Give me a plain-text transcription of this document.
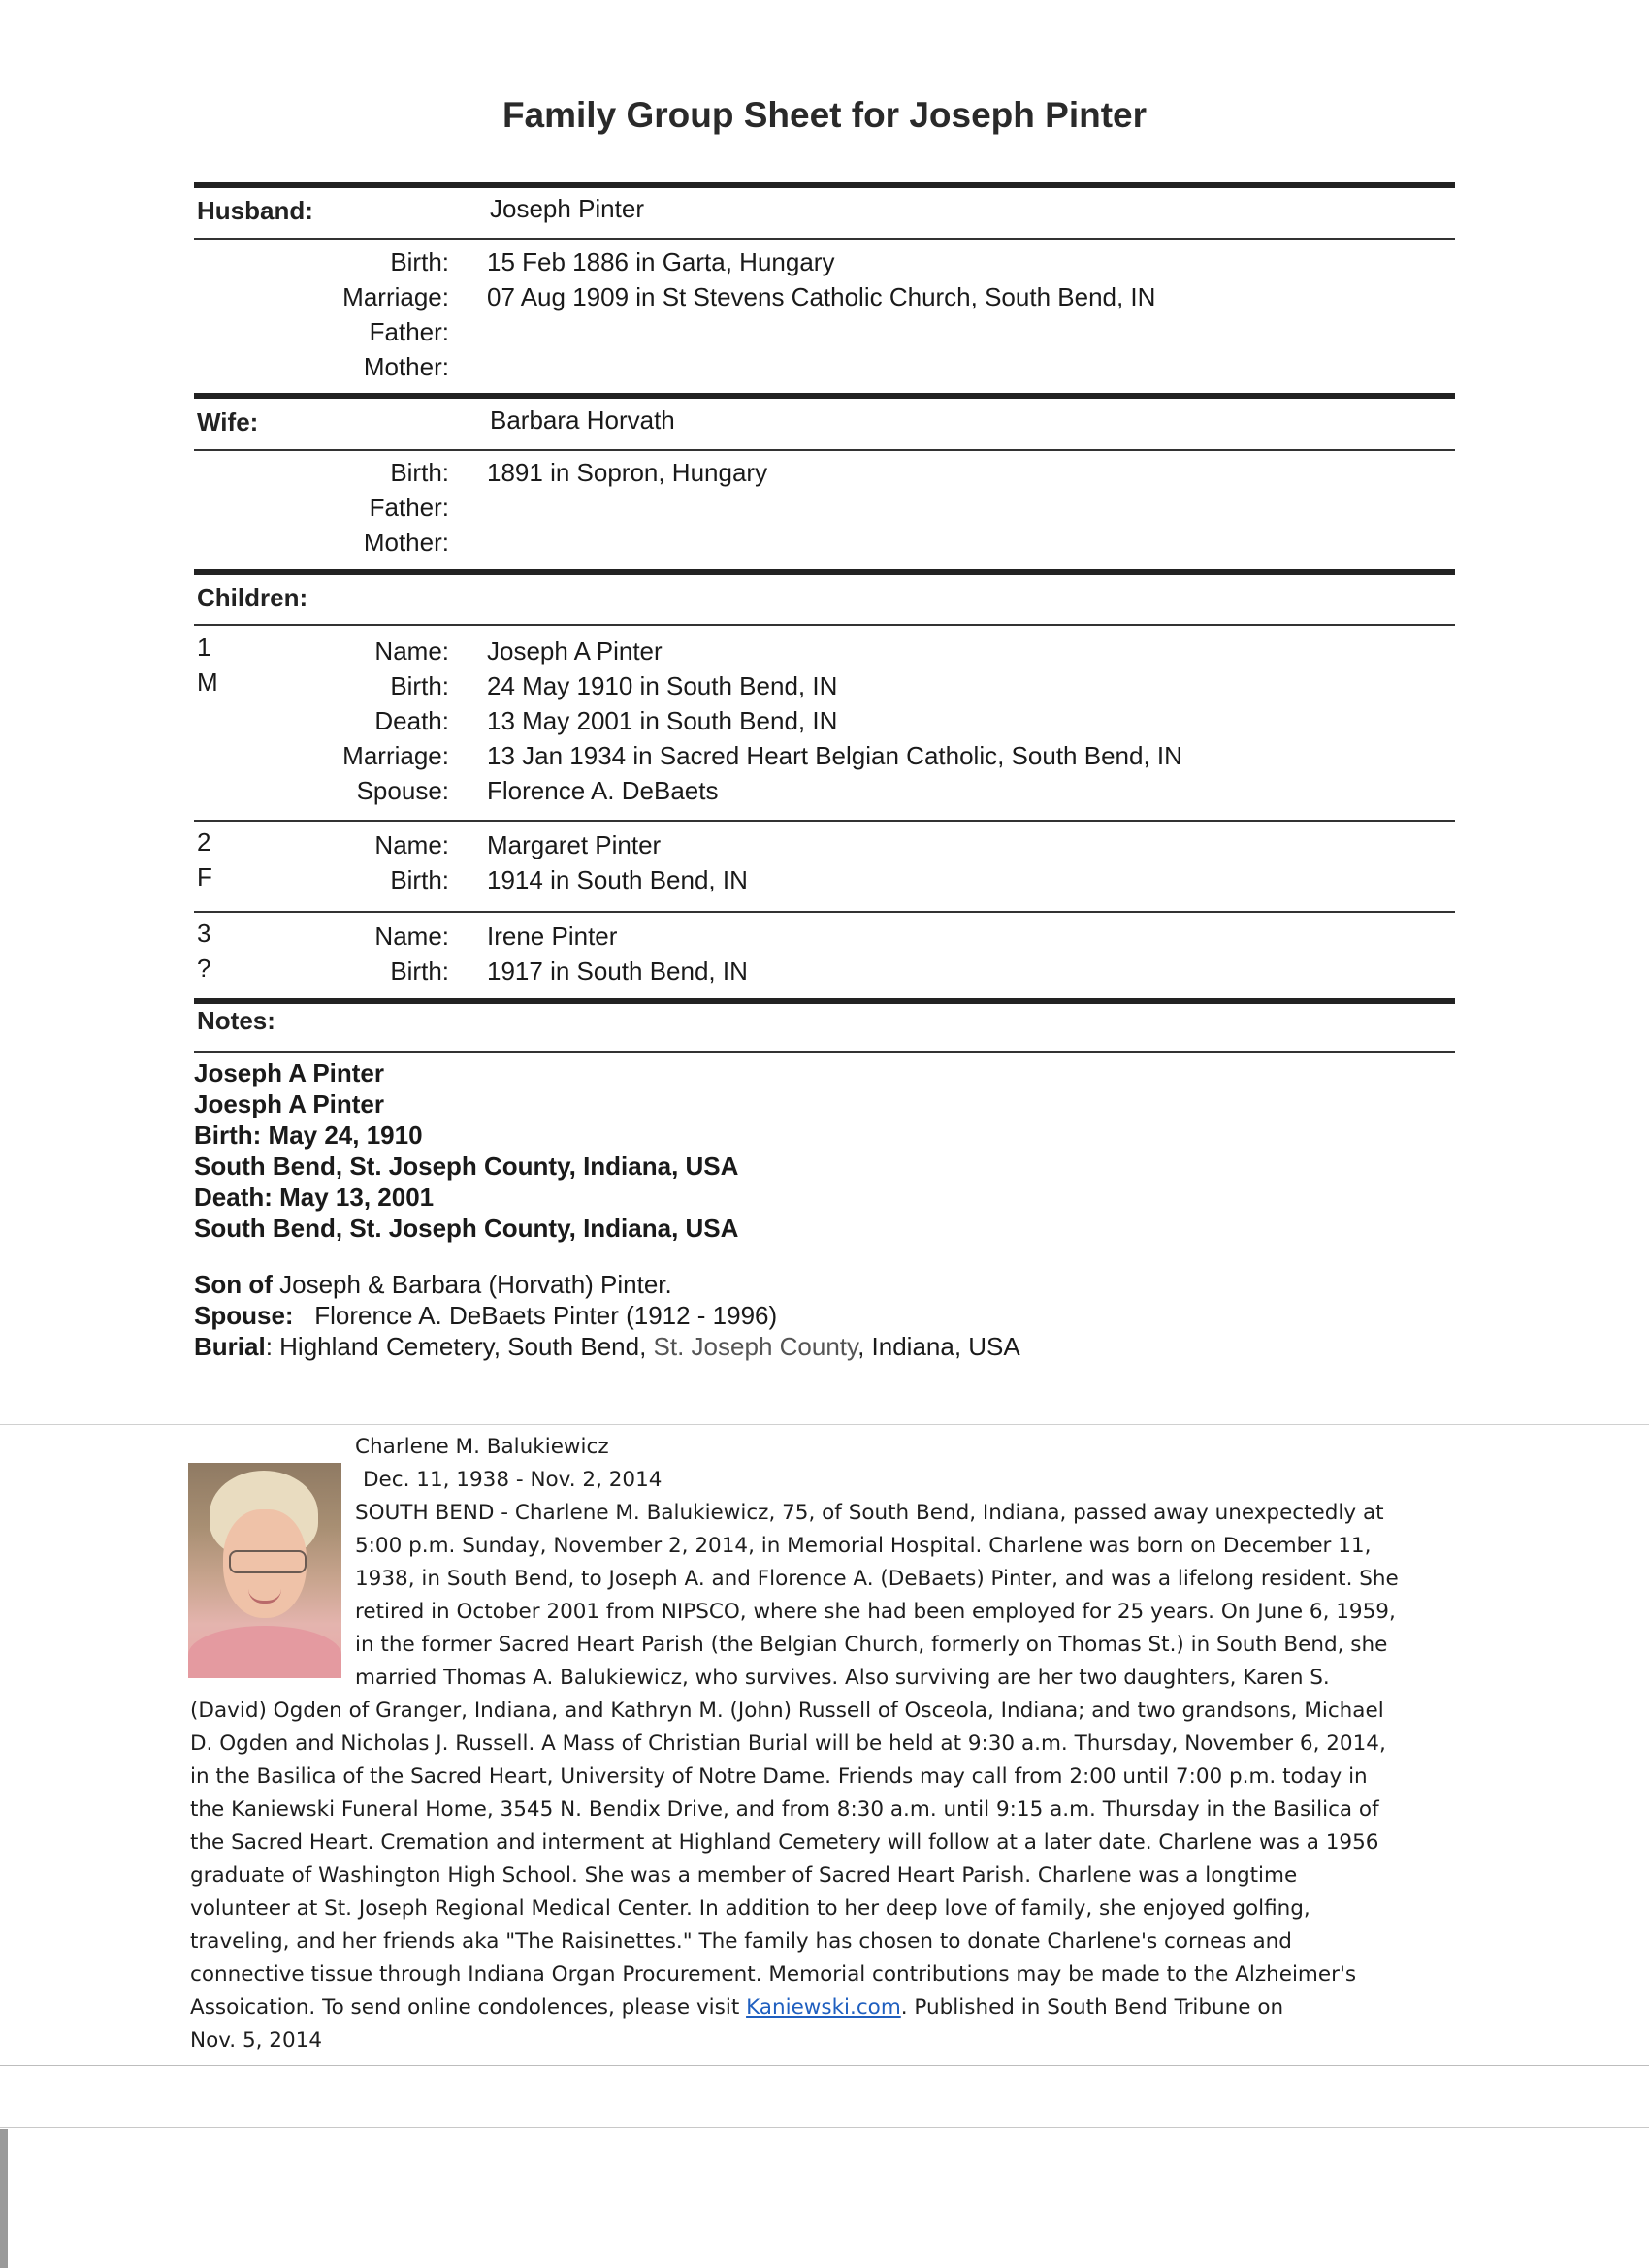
Family Group Sheet for Joseph Pinter
Husband:	Joseph Pinter
Birth: 15 Feb 1886 in Garta, Hungary
Marriage: 07 Aug 1909 in St Stevens Catholic Church, South Bend, IN
Father:
Mother:
Wife:	Barbara Horvath
Birth: 1891 in Sopron, Hungary
Father:
Mother:
Children:
1
M
Name: Joseph A Pinter
Birth: 24 May 1910 in South Bend, IN
Death: 13 May 2001 in South Bend, IN
Marriage: 13 Jan 1934 in Sacred Heart Belgian Catholic, South Bend, IN
Spouse: Florence A. DeBaets
2
F
Name: Margaret Pinter
Birth: 1914 in South Bend, IN
3
?
Name: Irene Pinter
Birth: 1917 in South Bend, IN
Notes:
Joseph A Pinter
Joesph A Pinter
Birth: May 24, 1910
South Bend, St. Joseph County, Indiana, USA
Death: May 13, 2001
South Bend, St. Joseph County, Indiana, USA
Son of Joseph & Barbara (Horvath) Pinter.
Spouse: Florence A. DeBaets Pinter (1912 - 1996)
Burial: Highland Cemetery, South Bend, St. Joseph County, Indiana, USA
Charlene M. Balukiewicz
Dec. 11, 1938 - Nov. 2, 2014
SOUTH BEND - Charlene M. Balukiewicz, 75, of South Bend, Indiana, passed away unexpectedly at
5:00 p.m. Sunday, November 2, 2014, in Memorial Hospital. Charlene was born on December 11,
1938, in South Bend, to Joseph A. and Florence A. (DeBaets) Pinter, and was a lifelong resident. She
retired in October 2001 from NIPSCO, where she had been employed for 25 years. On June 6, 1959,
in the former Sacred Heart Parish (the Belgian Church, formerly on Thomas St.) in South Bend, she
married Thomas A. Balukiewicz, who survives. Also surviving are her two daughters, Karen S.
(David) Ogden of Granger, Indiana, and Kathryn M. (John) Russell of Osceola, Indiana; and two grandsons, Michael
D. Ogden and Nicholas J. Russell. A Mass of Christian Burial will be held at 9:30 a.m. Thursday, November 6, 2014,
in the Basilica of the Sacred Heart, University of Notre Dame. Friends may call from 2:00 until 7:00 p.m. today in
the Kaniewski Funeral Home, 3545 N. Bendix Drive, and from 8:30 a.m. until 9:15 a.m. Thursday in the Basilica of
the Sacred Heart. Cremation and interment at Highland Cemetery will follow at a later date. Charlene was a 1956
graduate of Washington High School. She was a member of Sacred Heart Parish. Charlene was a longtime
volunteer at St. Joseph Regional Medical Center. In addition to her deep love of family, she enjoyed golfing,
traveling, and her friends aka "The Raisinettes." The family has chosen to donate Charlene's corneas and
connective tissue through Indiana Organ Procurement. Memorial contributions may be made to the Alzheimer's
Assoication. To send online condolences, please visit Kaniewski.com. Published in South Bend Tribune on
Nov. 5, 2014
